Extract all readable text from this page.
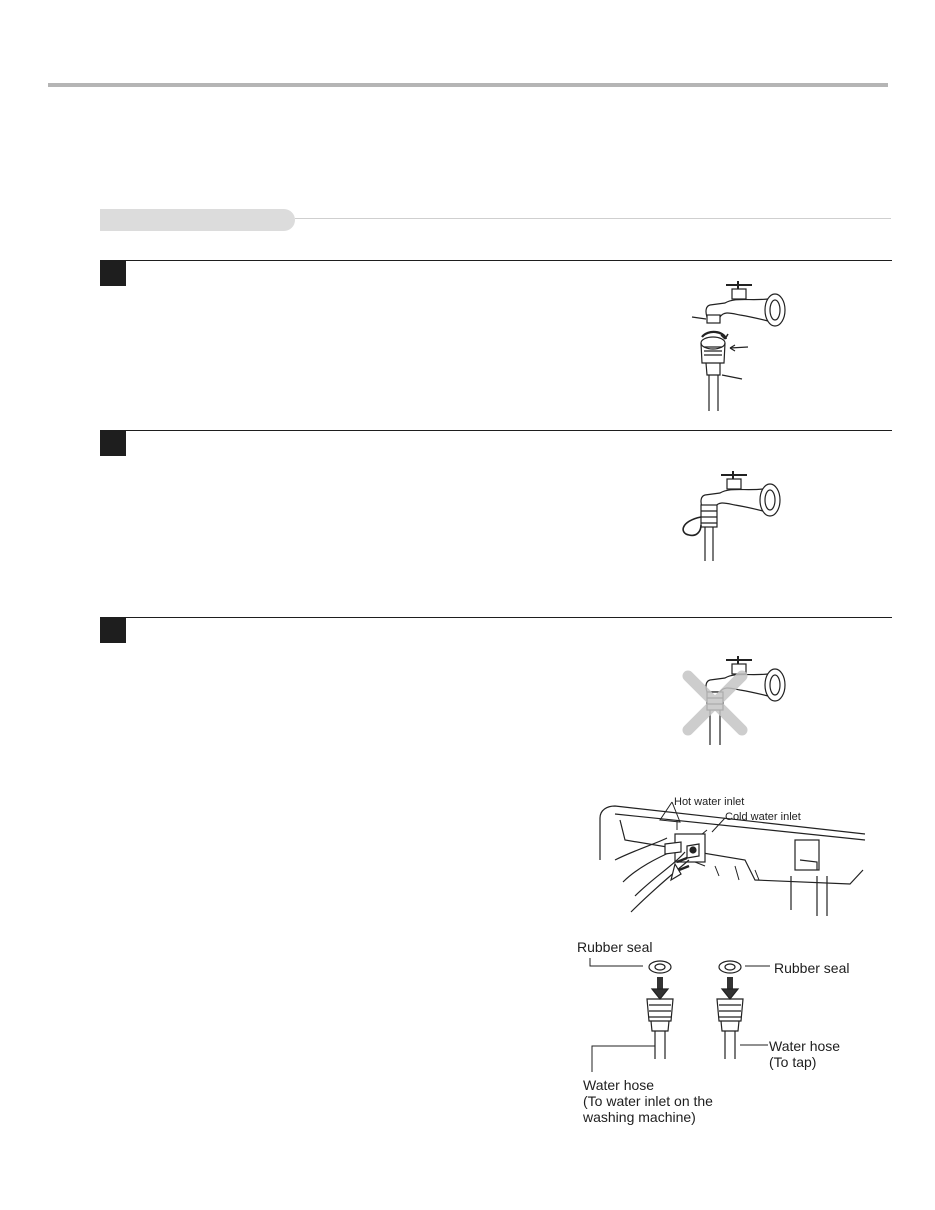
Hot water inlet
Cold water inlet
Rubber seal
Rubber seal
Water hose
(To tap)
Water hose
(To water inlet on the
washing machine)
